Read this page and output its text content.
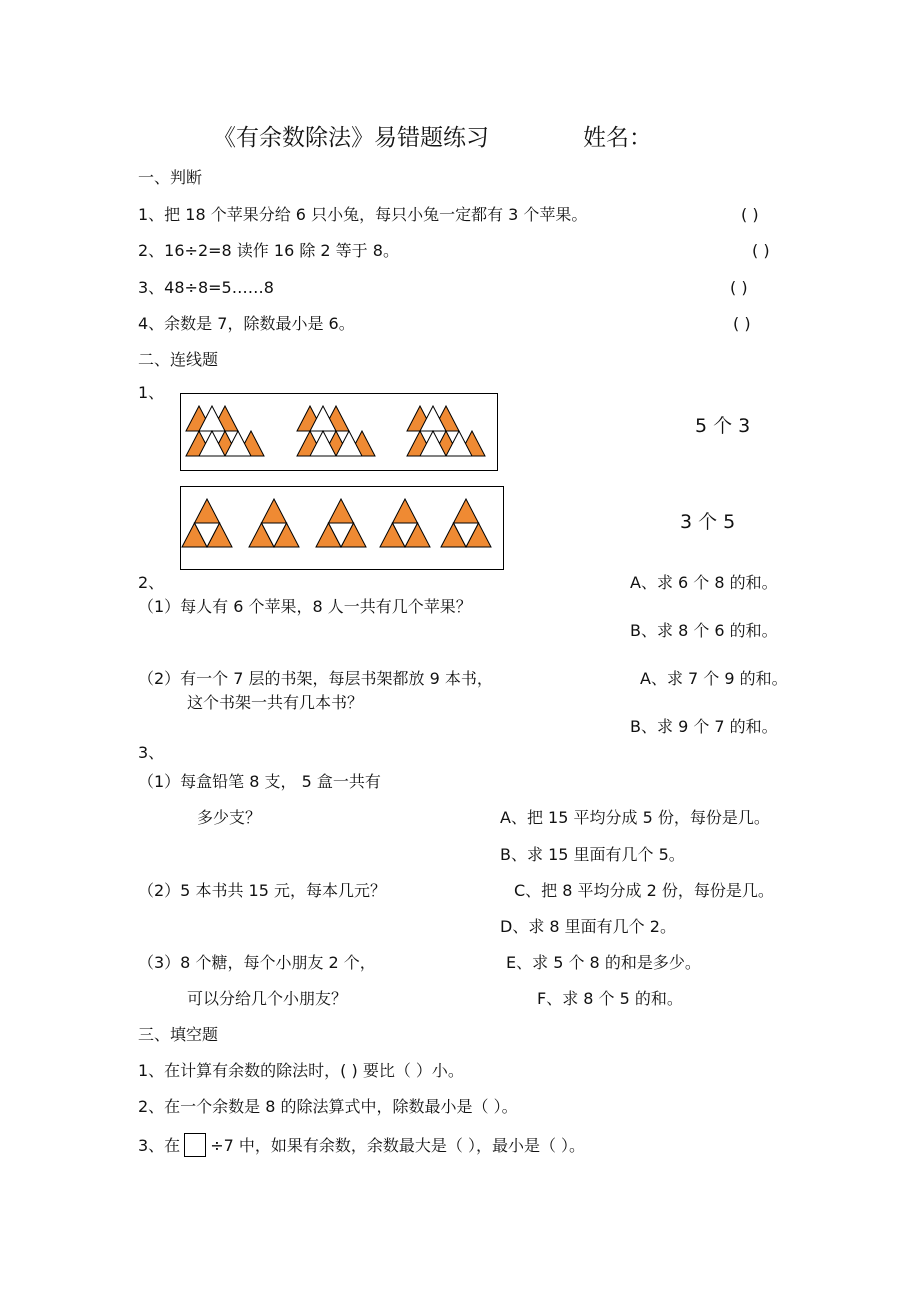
《有余数除法》易错题练习	姓名：
一、判断
1、把 18 个苹果分给 6 只小兔，每只小兔一定都有 3 个苹果。	( )
2、16÷2=8 读作 16 除 2 等于 8。	( )
3、48÷8=5……8	( )
4、余数是 7，除数最小是 6。	( )
二、连线题
1、
5 个 3
3 个 5
2、	A、求 6 个 8 的和。
（1）每人有 6 个苹果，8 人一共有几个苹果？
B、求 8 个 6 的和。
（2）有一个 7 层的书架，每层书架都放 9 本书，	A、求 7 个 9 的和。
这个书架一共有几本书？
B、求 9 个 7 的和。
3、
（1）每盒铅笔 8 支， 5 盒一共有
多少支？	A、把 15 平均分成 5 份，每份是几。
B、求 15 里面有几个 5。
（2）5 本书共 15 元，每本几元？	C、把 8 平均分成 2 份，每份是几。
D、求 8 里面有几个 2。
（3）8 个糖，每个小朋友 2 个，	E、求 5 个 8 的和是多少。
可以分给几个小朋友？	F、求 8 个 5 的和。
三、填空题
1、在计算有余数的除法时，( ) 要比（ ）小。
2、在一个余数是 8 的除法算式中，除数最小是（ ）。
3、在 ÷7 中，如果有余数，余数最大是（ ），最小是（ ）。
